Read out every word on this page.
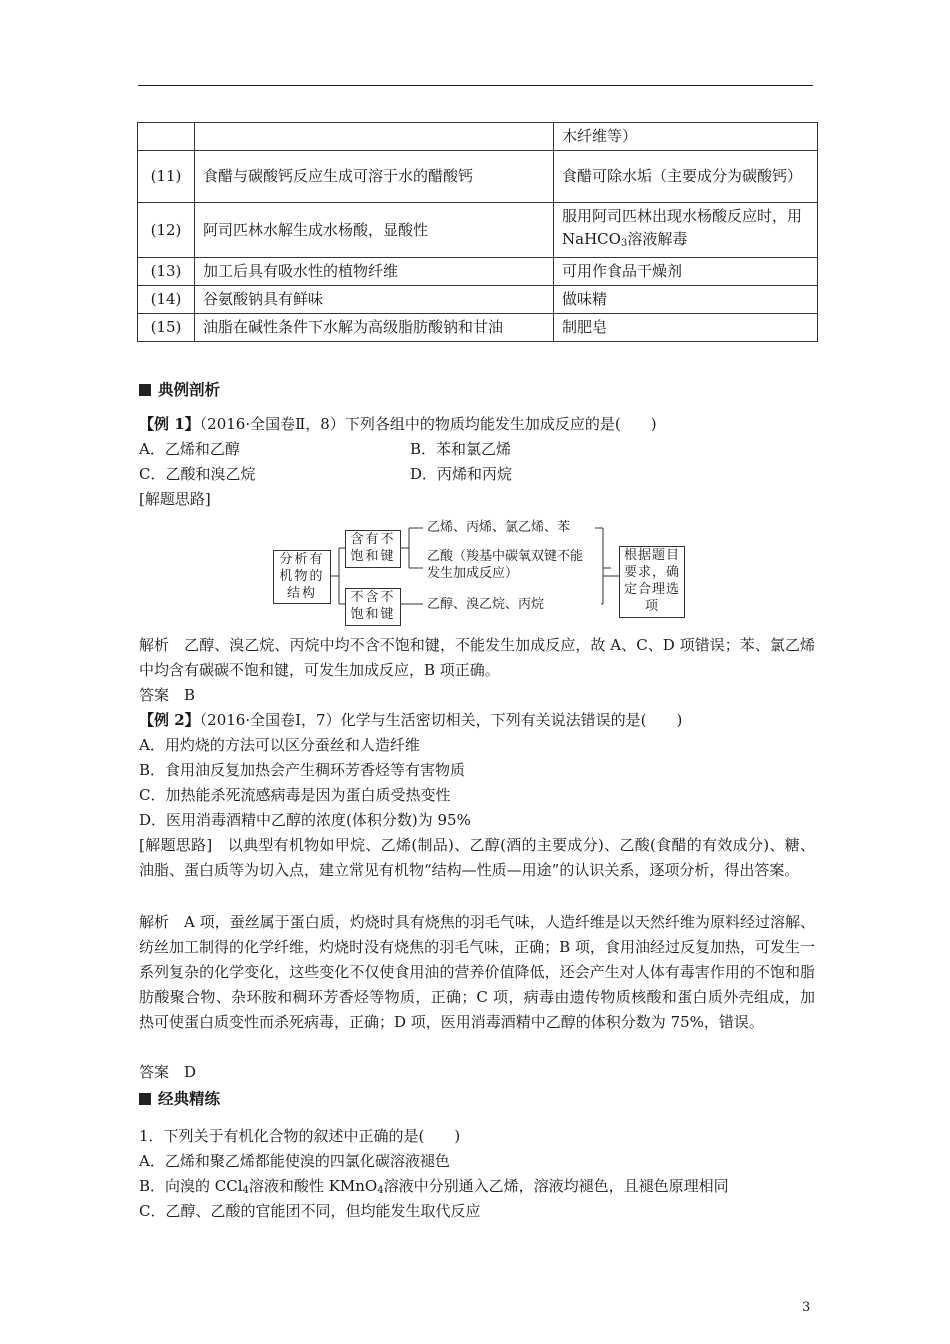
		木纤维等）
(11)	食醋与碳酸钙反应生成可溶于水的醋酸钙	食醋可除水垢（主要成分为碳酸钙）
(12)	阿司匹林水解生成水杨酸，显酸性	服用阿司匹林出现水杨酸反应时，用 NaHCO$_3$溶液解毒
(13)	加工后具有吸水性的植物纤维	可用作食品干燥剂
(14)	谷氨酸钠具有鲜味	做味精
(15)	油脂在碱性条件下水解为高级脂肪酸钠和甘油	制肥皂
典例剖析

【例 1】（2016·全国卷Ⅱ，8）下列各组中的物质均能发生加成反应的是(　　)

A．乙烯和乙醇	B．苯和氯乙烯

C．乙酸和溴乙烷	D．丙烯和丙烷

[解题思路]

分析有机物的结构
含有不饱和键
不含不饱和键
乙烯、丙烯、氯乙烯、苯
乙酸（羧基中碳氧双键不能
发生加成反应）
乙醇、溴乙烷、丙烷
根据题目要求，确定合理选项

解析　乙醇、溴乙烷、丙烷中均不含不饱和键，不能发生加成反应，故 A、C、D 项错误；苯、氯乙烯中均含有碳碳不饱和键，可发生加成反应，B 项正确。

答案　B

【例 2】（2016·全国卷Ⅰ，7）化学与生活密切相关，下列有关说法错误的是(　　)

A．用灼烧的方法可以区分蚕丝和人造纤维

B．食用油反复加热会产生稠环芳香烃等有害物质

C．加热能杀死流感病毒是因为蛋白质受热变性

D．医用消毒酒精中乙醇的浓度(体积分数)为 95%

[解题思路]　以典型有机物如甲烷、乙烯(制品)、乙醇(酒的主要成分)、乙酸(食醋的有效成分)、糖、油脂、蛋白质等为切入点，建立常见有机物“结构—性质—用途”的认识关系，逐项分析，得出答案。

解析　A 项，蚕丝属于蛋白质，灼烧时具有烧焦的羽毛气味，人造纤维是以天然纤维为原料经过溶解、纺丝加工制得的化学纤维，灼烧时没有烧焦的羽毛气味，正确；B 项，食用油经过反复加热，可发生一系列复杂的化学变化，这些变化不仅使食用油的营养价值降低，还会产生对人体有毒害作用的不饱和脂肪酸聚合物、杂环胺和稠环芳香烃等物质，正确；C 项，病毒由遗传物质核酸和蛋白质外壳组成，加热可使蛋白质变性而杀死病毒，正确；D 项，医用消毒酒精中乙醇的体积分数为 75%，错误。

答案　D

经典精练

1．下列关于有机化合物的叙述中正确的是(　　)

A．乙烯和聚乙烯都能使溴的四氯化碳溶液褪色

B．向溴的 CCl$_4$溶液和酸性 KMnO$_4$溶液中分别通入乙烯，溶液均褪色，且褪色原理相同

C．乙醇、乙酸的官能团不同，但均能发生取代反应

3
